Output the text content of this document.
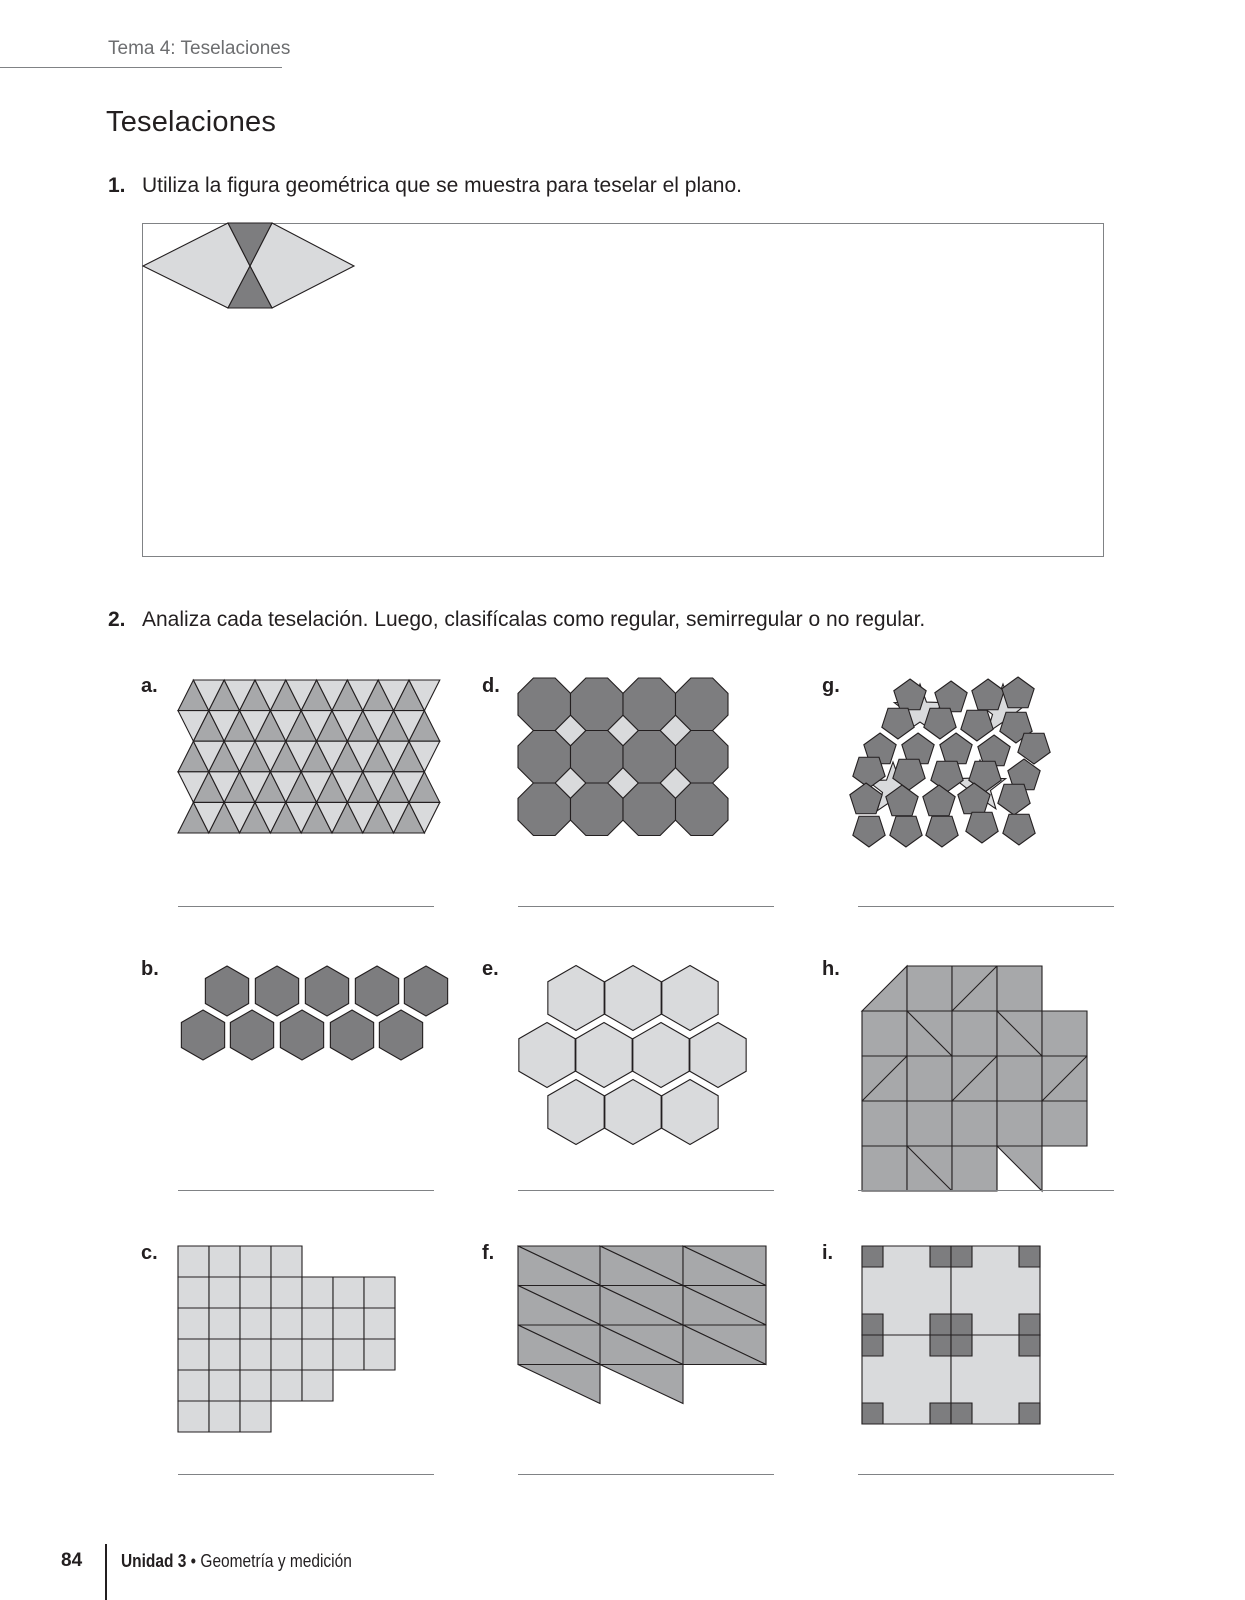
Tema 4: Teselaciones
Teselaciones
1. Utiliza la figura geométrica que se muestra para teselar el plano.
2. Analiza cada teselación. Luego, clasifícalas como regular, semirregular o no regular.
a.
b.
c.
d.
e.
f.
g.
h.
i.
84 Unidad 3 • Geometría y medición
